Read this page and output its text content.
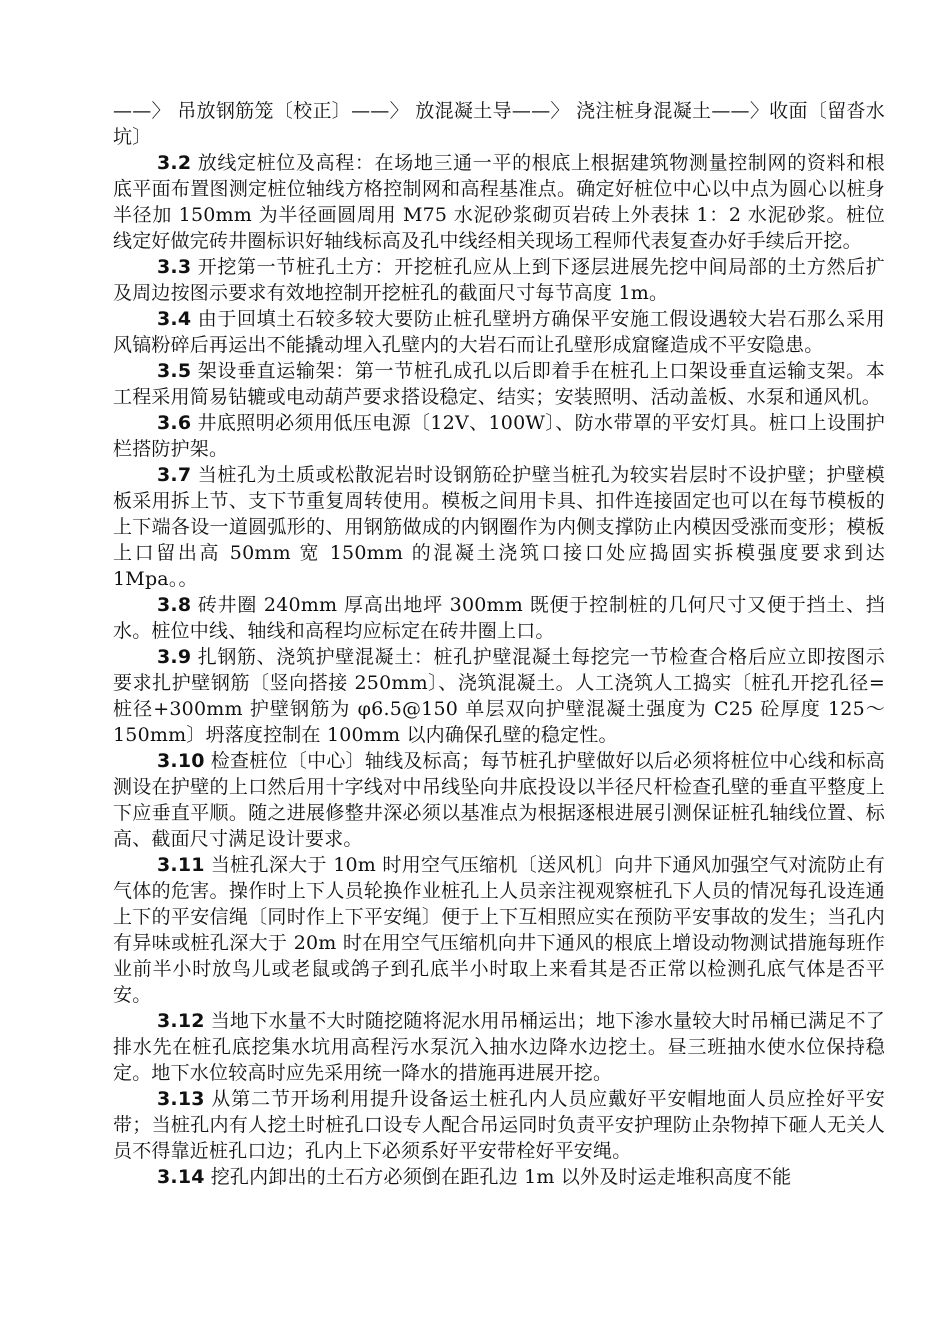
——〉 吊放钢筋笼〔校正〕——〉 放混凝土导——〉 浇注桩身混凝土——〉收面〔留沓水坑〕

3.2 放线定桩位及高程：在场地三通一平的根底上根据建筑物测量控制网的资料和根底平面布置图测定桩位轴线方格控制网和高程基准点。确定好桩位中心以中点为圆心以桩身半径加 150mm 为半径画圆周用 M75 水泥砂浆砌页岩砖上外表抹 1：2 水泥砂浆。桩位线定好做完砖井圈标识好轴线标高及孔中线经相关现场工程师代表复查办好手续后开挖。

3.3 开挖第一节桩孔土方：开挖桩孔应从上到下逐层进展先挖中间局部的土方然后扩及周边按图示要求有效地控制开挖桩孔的截面尺寸每节高度 1m。

3.4 由于回填土石较多较大要防止桩孔壁坍方确保平安施工假设遇较大岩石那么采用风镐粉碎后再运出不能撬动埋入孔壁内的大岩石而让孔壁形成窟窿造成不平安隐患。

3.5 架设垂直运输架：第一节桩孔成孔以后即着手在桩孔上口架设垂直运输支架。本工程采用简易钻辘或电动葫芦要求搭设稳定、结实；安装照明、活动盖板、水泵和通风机。

3.6 井底照明必须用低压电源〔12V、100W〕、防水带罩的平安灯具。桩口上设围护栏搭防护架。

3.7 当桩孔为土质或松散泥岩时设钢筋砼护壁当桩孔为较实岩层时不设护壁；护壁模板采用拆上节、支下节重复周转使用。模板之间用卡具、扣件连接固定也可以在每节模板的上下端各设一道圆弧形的、用钢筋做成的内钢圈作为内侧支撑防止内模因受涨而变形；模板上口留出高 50mm 宽 150mm 的混凝土浇筑口接口处应捣固实拆模强度要求到达 1Mpa。。

3.8 砖井圈 240mm 厚高出地坪 300mm 既便于控制桩的几何尺寸又便于挡土、挡水。桩位中线、轴线和高程均应标定在砖井圈上口。

3.9 扎钢筋、浇筑护壁混凝土：桩孔护壁混凝土每挖完一节检查合格后应立即按图示要求扎护壁钢筋〔竖向搭接 250mm〕、浇筑混凝土。人工浇筑人工捣实〔桩孔开挖孔径=桩径+300mm 护壁钢筋为 φ6.5@150 单层双向护壁混凝土强度为 C25 砼厚度 125～150mm〕坍落度控制在 100mm 以内确保孔壁的稳定性。

3.10 检查桩位〔中心〕轴线及标高；每节桩孔护壁做好以后必须将桩位中心线和标高测设在护壁的上口然后用十字线对中吊线坠向井底投设以半径尺杆检查孔壁的垂直平整度上下应垂直平顺。随之进展修整井深必须以基准点为根据逐根进展引测保证桩孔轴线位置、标高、截面尺寸满足设计要求。

3.11 当桩孔深大于 10m 时用空气压缩机〔送风机〕向井下通风加强空气对流防止有气体的危害。操作时上下人员轮换作业桩孔上人员亲注视观察桩孔下人员的情况每孔设连通上下的平安信绳〔同时作上下平安绳〕便于上下互相照应实在预防平安事故的发生；当孔内有异味或桩孔深大于 20m 时在用空气压缩机向井下通风的根底上增设动物测试措施每班作业前半小时放鸟儿或老鼠或鸽子到孔底半小时取上来看其是否正常以检测孔底气体是否平安。

3.12 当地下水量不大时随挖随将泥水用吊桶运出；地下渗水量较大时吊桶已满足不了排水先在桩孔底挖集水坑用高程污水泵沉入抽水边降水边挖土。昼三班抽水使水位保持稳定。地下水位较高时应先采用统一降水的措施再进展开挖。

3.13 从第二节开场利用提升设备运土桩孔内人员应戴好平安帽地面人员应拴好平安带；当桩孔内有人挖土时桩孔口设专人配合吊运同时负责平安护理防止杂物掉下砸人无关人员不得靠近桩孔口边；孔内上下必须系好平安带栓好平安绳。

3.14 挖孔内卸出的土石方必须倒在距孔边 1m 以外及时运走堆积高度不能
